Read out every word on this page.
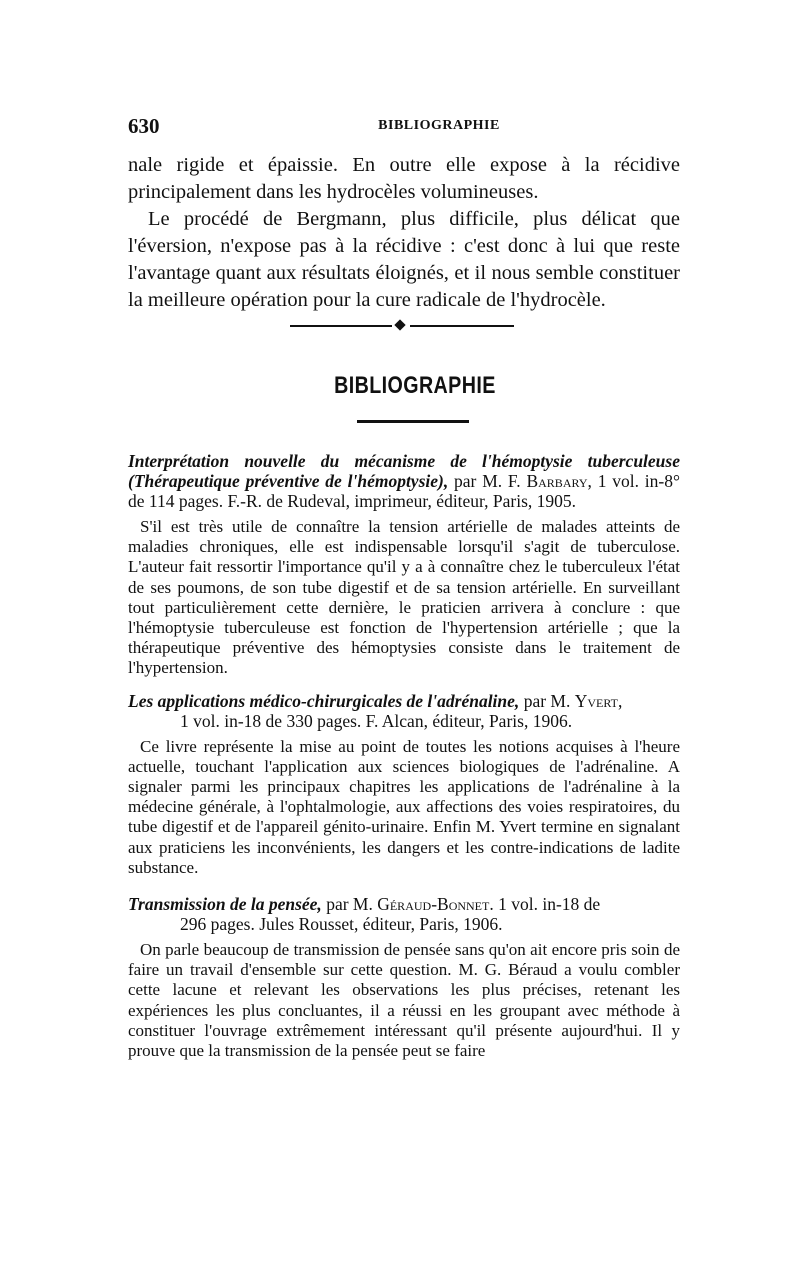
630	BIBLIOGRAPHIE

nale rigide et épaissie. En outre elle expose à la récidive principalement dans les hydrocèles volumineuses.

Le procédé de Bergmann, plus difficile, plus délicat que l'éversion, n'expose pas à la récidive : c'est donc à lui que reste l'avantage quant aux résultats éloignés, et il nous semble constituer la meilleure opération pour la cure radicale de l'hydrocèle.

BIBLIOGRAPHIE
Interprétation nouvelle du mécanisme de l'hémoptysie tuberculeuse (Thérapeutique préventive de l'hémoptysie), par M. F. Barbary, 1 vol. in-8° de 114 pages. F.-R. de Rudeval, imprimeur, éditeur, Paris, 1905.
S'il est très utile de connaître la tension artérielle de malades atteints de maladies chroniques, elle est indispensable lorsqu'il s'agit de tuberculose. L'auteur fait ressortir l'importance qu'il y a à connaître chez le tuberculeux l'état de ses poumons, de son tube digestif et de sa tension artérielle. En surveillant tout particulièrement cette dernière, le praticien arrivera à conclure : que l'hémoptysie tuberculeuse est fonction de l'hypertension artérielle ; que la thérapeutique préventive des hémoptysies consiste dans le traitement de l'hypertension.
Les applications médico-chirurgicales de l'adrénaline, par M. Yvert,
1 vol. in-18 de 330 pages. F. Alcan, éditeur, Paris, 1906.
Ce livre représente la mise au point de toutes les notions acquises à l'heure actuelle, touchant l'application aux sciences biologiques de l'adrénaline. A signaler parmi les principaux chapitres les applications de l'adrénaline à la médecine générale, à l'ophtalmologie, aux affections des voies respiratoires, du tube digestif et de l'appareil génito-urinaire. Enfin M. Yvert termine en signalant aux praticiens les inconvénients, les dangers et les contre-indications de ladite substance.
Transmission de la pensée, par M. Géraud-Bonnet. 1 vol. in-18 de
296 pages. Jules Rousset, éditeur, Paris, 1906.
On parle beaucoup de transmission de pensée sans qu'on ait encore pris soin de faire un travail d'ensemble sur cette question. M. G. Béraud a voulu combler cette lacune et relevant les observations les plus précises, retenant les expériences les plus concluantes, il a réussi en les groupant avec méthode à constituer l'ouvrage extrêmement intéressant qu'il présente aujourd'hui. Il y prouve que la transmission de la pensée peut se faire
